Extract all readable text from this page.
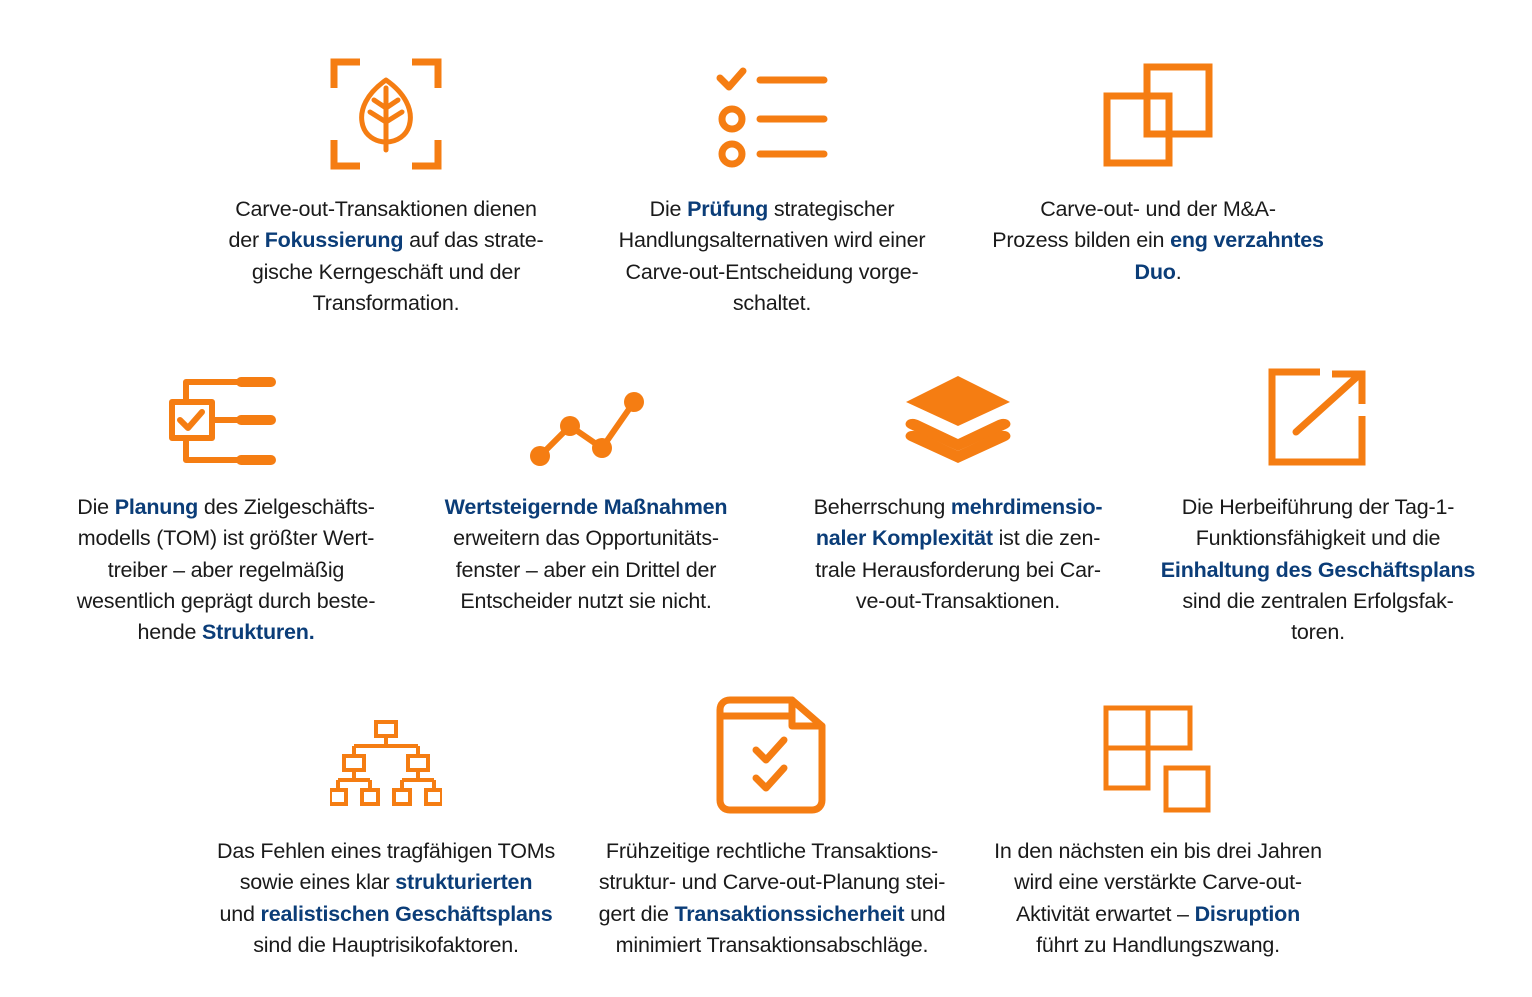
Carve-out-Transaktionen dienen
der Fokussierung auf das strate-
gische Kerngeschäft und der
Transformation.
Die Prüfung strategischer
Handlungsalternativen wird einer
Carve-out-Entscheidung vorge-
schaltet.
Carve-out- und der M&A-
Prozess bilden ein eng verzahntes
Duo.
Die Planung des Zielgeschäfts-
modells (TOM) ist größter Wert-
treiber – aber regelmäßig
wesentlich geprägt durch beste-
hende Strukturen.
Wertsteigernde Maßnahmen
erweitern das Opportunitäts-
fenster – aber ein Drittel der
Entscheider nutzt sie nicht.
Beherrschung mehrdimensio-
naler Komplexität ist die zen-
trale Herausforderung bei Car-
ve-out-Transaktionen.
Die Herbeiführung der Tag-1-
Funktionsfähigkeit und die
Einhaltung des Geschäftsplans
sind die zentralen Erfolgsfak-
toren.
Das Fehlen eines tragfähigen TOMs
sowie eines klar strukturierten
und realistischen Geschäftsplans
sind die Hauptrisikofaktoren.
Frühzeitige rechtliche Transaktions-
struktur- und Carve-out-Planung stei-
gert die Transaktionssicherheit und
minimiert Transaktionsabschläge.
In den nächsten ein bis drei Jahren
wird eine verstärkte Carve-out-
Aktivität erwartet – Disruption
führt zu Handlungszwang.
